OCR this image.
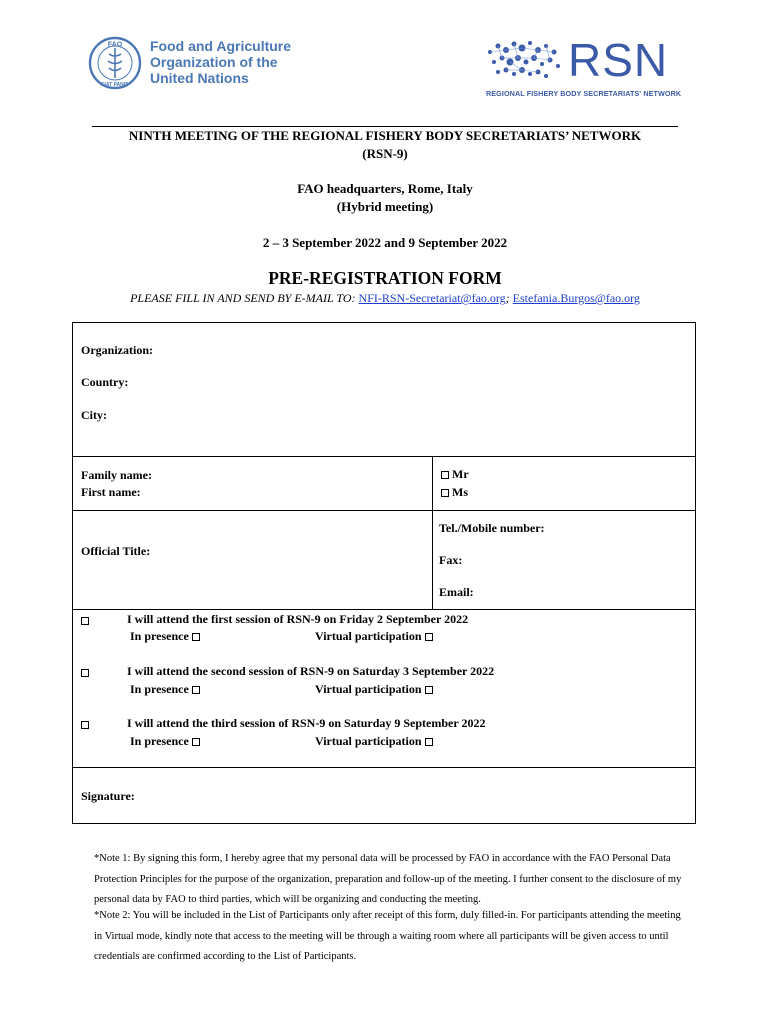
FAO
FIAT PANIS
Food and Agriculture
Organization of the
United Nations	RSN
REGIONAL FISHERY BODY SECRETARIATS' NETWORK
NINTH MEETING OF THE REGIONAL FISHERY BODY SECRETARIATS’ NETWORK
(RSN-9)
FAO headquarters, Rome, Italy
(Hybrid meeting)
2 – 3 September 2022 and 9 September 2022
PRE-REGISTRATION FORM
PLEASE FILL IN AND SEND BY E-MAIL TO: NFI-RSN-Secretariat@fao.org; Estefania.Burgos@fao.org
Organization:
Country:
City:
Family name:
First name:
Mr
Ms
Official Title:
Tel./Mobile number:
Fax:
Email:
I will attend the first session of RSN-9 on Friday 2 September 2022
In presence	Virtual participation
I will attend the second session of RSN-9 on Saturday 3 September 2022
In presence	Virtual participation
I will attend the third session of RSN-9 on Saturday 9 September 2022
In presence	Virtual participation
Signature:
*Note 1: By signing this form, I hereby agree that my personal data will be processed by FAO in accordance with the FAO Personal Data Protection Principles for the purpose of the organization, preparation and follow-up of the meeting. I further consent to the disclosure of my personal data by FAO to third parties, which will be organizing and conducting the meeting.
*Note 2: You will be included in the List of Participants only after receipt of this form, duly filled-in. For participants attending the meeting in Virtual mode, kindly note that access to the meeting will be through a waiting room where all participants will be given access to until credentials are confirmed according to the List of Participants.
